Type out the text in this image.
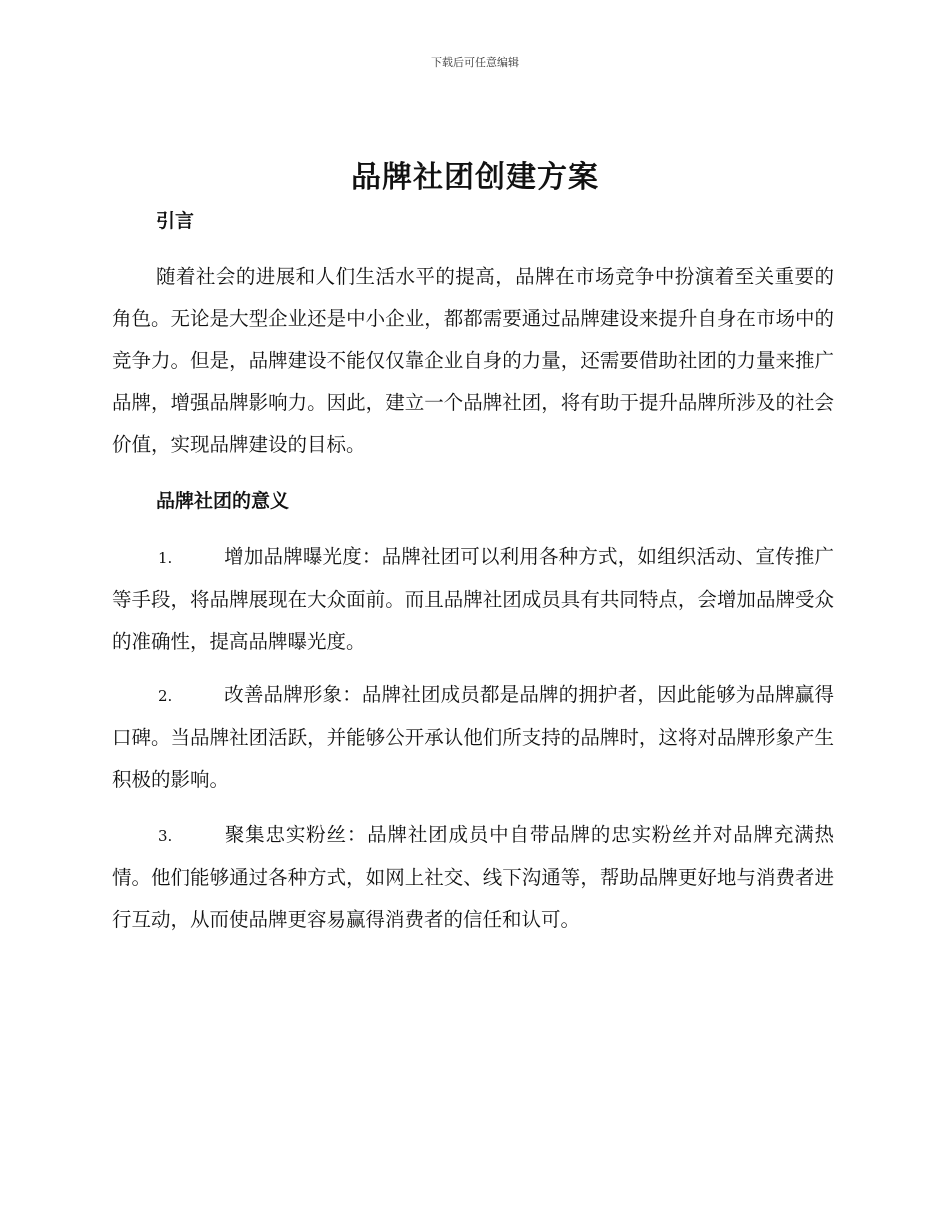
下载后可任意编辑
品牌社团创建方案
引言

随着社会的进展和人们生活水平的提高，品牌在市场竞争中扮演着至关重要的角色。无论是大型企业还是中小企业，都都需要通过品牌建设来提升自身在市场中的竞争力。但是，品牌建设不能仅仅靠企业自身的力量，还需要借助社团的力量来推广品牌，增强品牌影响力。因此，建立一个品牌社团，将有助于提升品牌所涉及的社会价值，实现品牌建设的目标。

品牌社团的意义

1.	增加品牌曝光度：品牌社团可以利用各种方式，如组织活动、宣传推广等手段，将品牌展现在大众面前。而且品牌社团成员具有共同特点，会增加品牌受众的准确性，提高品牌曝光度。

2.	改善品牌形象：品牌社团成员都是品牌的拥护者，因此能够为品牌赢得口碑。当品牌社团活跃，并能够公开承认他们所支持的品牌时，这将对品牌形象产生积极的影响。

3.	聚集忠实粉丝：品牌社团成员中自带品牌的忠实粉丝并对品牌充满热情。他们能够通过各种方式，如网上社交、线下沟通等，帮助品牌更好地与消费者进行互动，从而使品牌更容易赢得消费者的信任和认可。
